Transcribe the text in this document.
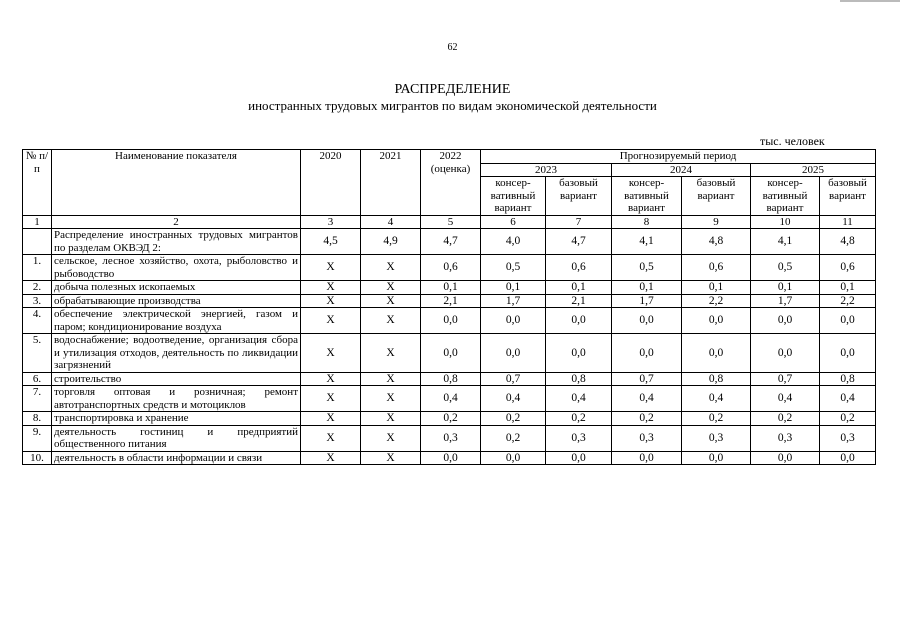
62
РАСПРЕДЕЛЕНИЕ
иностранных трудовых мигрантов по видам экономической деятельности
тыс. человек
№ п/п	Наименование показателя	2020	2021	2022 (оценка)	Прогнозируемый период					
					2023		2024		2025	
					консер-вативный вариант	базовый вариант	консер-вативный вариант	базовый вариант	консер-вативный вариант	базовый вариант
1	2	3	4	5	6	7	8	9	10	11
	Распределение иностранных трудовых мигрантов по разделам ОКВЭД 2:	4,5	4,9	4,7	4,0	4,7	4,1	4,8	4,1	4,8
1.	сельское, лесное хозяйство, охота, рыболовство и рыбоводство	Х	Х	0,6	0,5	0,6	0,5	0,6	0,5	0,6
2.	добыча полезных ископаемых	Х	Х	0,1	0,1	0,1	0,1	0,1	0,1	0,1
3.	обрабатывающие производства	Х	Х	2,1	1,7	2,1	1,7	2,2	1,7	2,2
4.	обеспечение электрической энергией, газом и паром; кондиционирование воздуха	Х	Х	0,0	0,0	0,0	0,0	0,0	0,0	0,0
5.	водоснабжение; водоотведение, организация сбора и утилизация отходов, деятельность по ликвидации загрязнений	Х	Х	0,0	0,0	0,0	0,0	0,0	0,0	0,0
6.	строительство	Х	Х	0,8	0,7	0,8	0,7	0,8	0,7	0,8
7.	торговля оптовая и розничная; ремонт автотранспортных средств и мотоциклов	Х	Х	0,4	0,4	0,4	0,4	0,4	0,4	0,4
8.	транспортировка и хранение	Х	Х	0,2	0,2	0,2	0,2	0,2	0,2	0,2
9.	деятельность гостиниц и предприятий общественного питания	Х	Х	0,3	0,2	0,3	0,3	0,3	0,3	0,3
10.	деятельность в области информации и связи	Х	Х	0,0	0,0	0,0	0,0	0,0	0,0	0,0
